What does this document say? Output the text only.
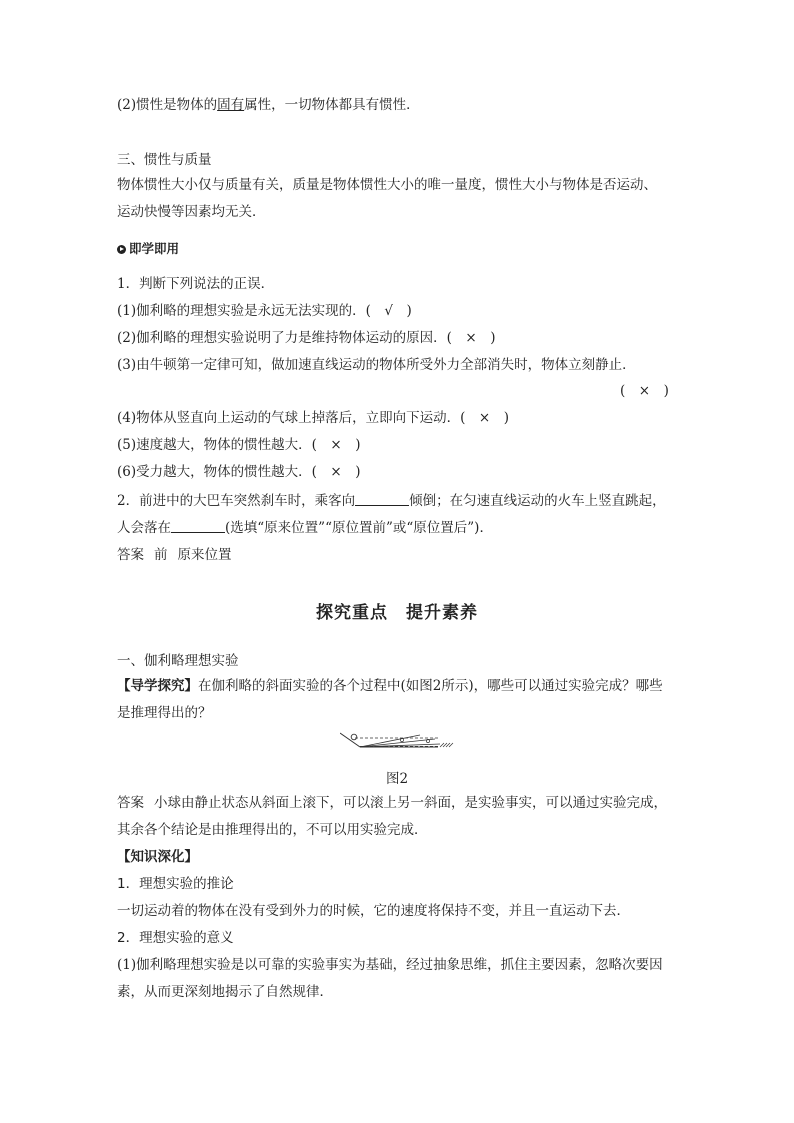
(2)惯性是物体的固有属性，一切物体都具有惯性．
三、惯性与质量
物体惯性大小仅与质量有关，质量是物体惯性大小的唯一量度，惯性大小与物体是否运动、
运动快慢等因素均无关．
即学即用
1．判断下列说法的正误．
(1)伽利略的理想实验是永远无法实现的．(　√　)
(2)伽利略的理想实验说明了力是维持物体运动的原因．(　×　)
(3)由牛顿第一定律可知，做加速直线运动的物体所受外力全部消失时，物体立刻静止．
(　×　)
(4)物体从竖直向上运动的气球上掉落后，立即向下运动．(　×　)
(5)速度越大，物体的惯性越大．(　×　)
(6)受力越大，物体的惯性越大．(　×　)
2．前进中的大巴车突然刹车时，乘客向	倾倒；在匀速直线运动的火车上竖直跳起，
人会落在	(选填“原来位置”“原位置前”或“原位置后”)．
答案 前 原来位置
探究重点　提升素养
一、伽利略理想实验
【导学探究】在伽利略的斜面实验的各个过程中(如图2所示)，哪些可以通过实验完成？哪些
是推理得出的？
图2
答案 小球由静止状态从斜面上滚下，可以滚上另一斜面，是实验事实，可以通过实验完成，
其余各个结论是由推理得出的，不可以用实验完成．
【知识深化】
1．理想实验的推论
一切运动着的物体在没有受到外力的时候，它的速度将保持不变，并且一直运动下去．
2．理想实验的意义
(1)伽利略理想实验是以可靠的实验事实为基础，经过抽象思维，抓住主要因素，忽略次要因
素，从而更深刻地揭示了自然规律．
